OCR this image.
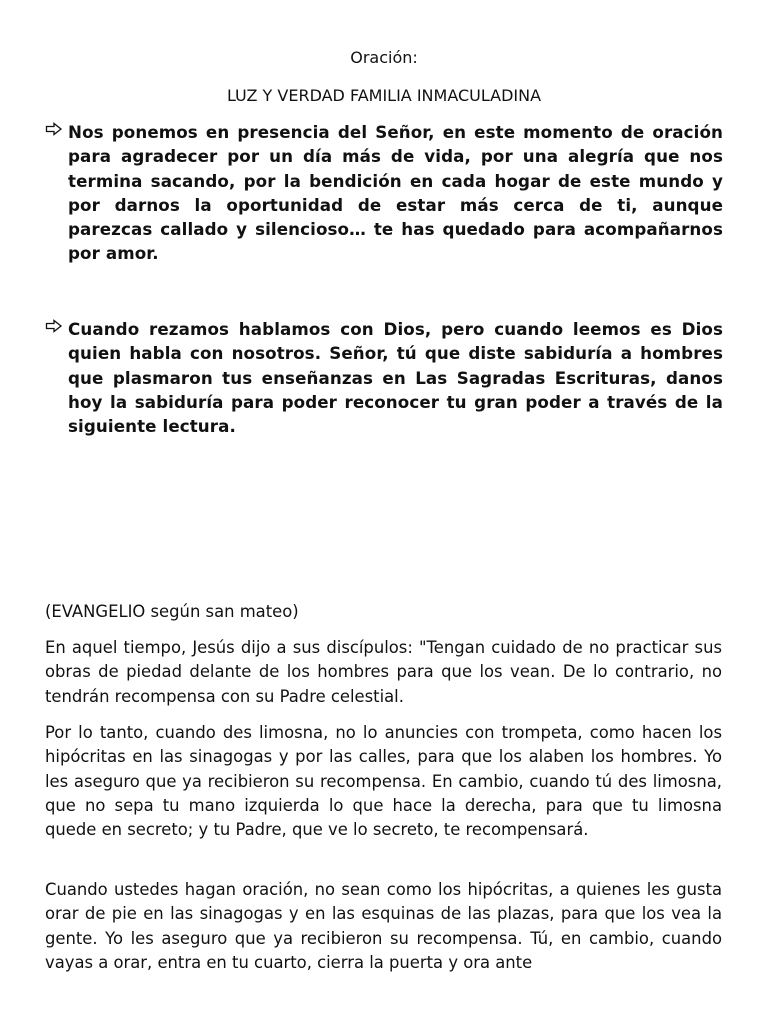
Oración:
LUZ Y VERDAD FAMILIA INMACULADINA
Nos ponemos en presencia del Señor, en este momento de oración para agradecer por un día más de vida, por una alegría que nos termina sacando, por la bendición en cada hogar de este mundo y por darnos la oportunidad de estar más cerca de ti, aunque parezcas callado y silencioso… te has quedado para acompañarnos por amor.
Cuando rezamos hablamos con Dios, pero cuando leemos es Dios quien habla con nosotros. Señor, tú que diste sabiduría a hombres que plasmaron tus enseñanzas en Las Sagradas Escrituras, danos hoy la sabiduría para poder reconocer tu gran poder a través de la siguiente lectura.
(EVANGELIO según san mateo)
En aquel tiempo, Jesús dijo a sus discípulos: "Tengan cuidado de no practicar sus obras de piedad delante de los hombres para que los vean. De lo contrario, no tendrán recompensa con su Padre celestial.
Por lo tanto, cuando des limosna, no lo anuncies con trompeta, como hacen los hipócritas en las sinagogas y por las calles, para que los alaben los hombres. Yo les aseguro que ya recibieron su recompensa. En cambio, cuando tú des limosna, que no sepa tu mano izquierda lo que hace la derecha, para que tu limosna quede en secreto; y tu Padre, que ve lo secreto, te recompensará.
Cuando ustedes hagan oración, no sean como los hipócritas, a quienes les gusta orar de pie en las sinagogas y en las esquinas de las plazas, para que los vea la gente. Yo les aseguro que ya recibieron su recompensa. Tú, en cambio, cuando vayas a orar, entra en tu cuarto, cierra la puerta y ora ante
